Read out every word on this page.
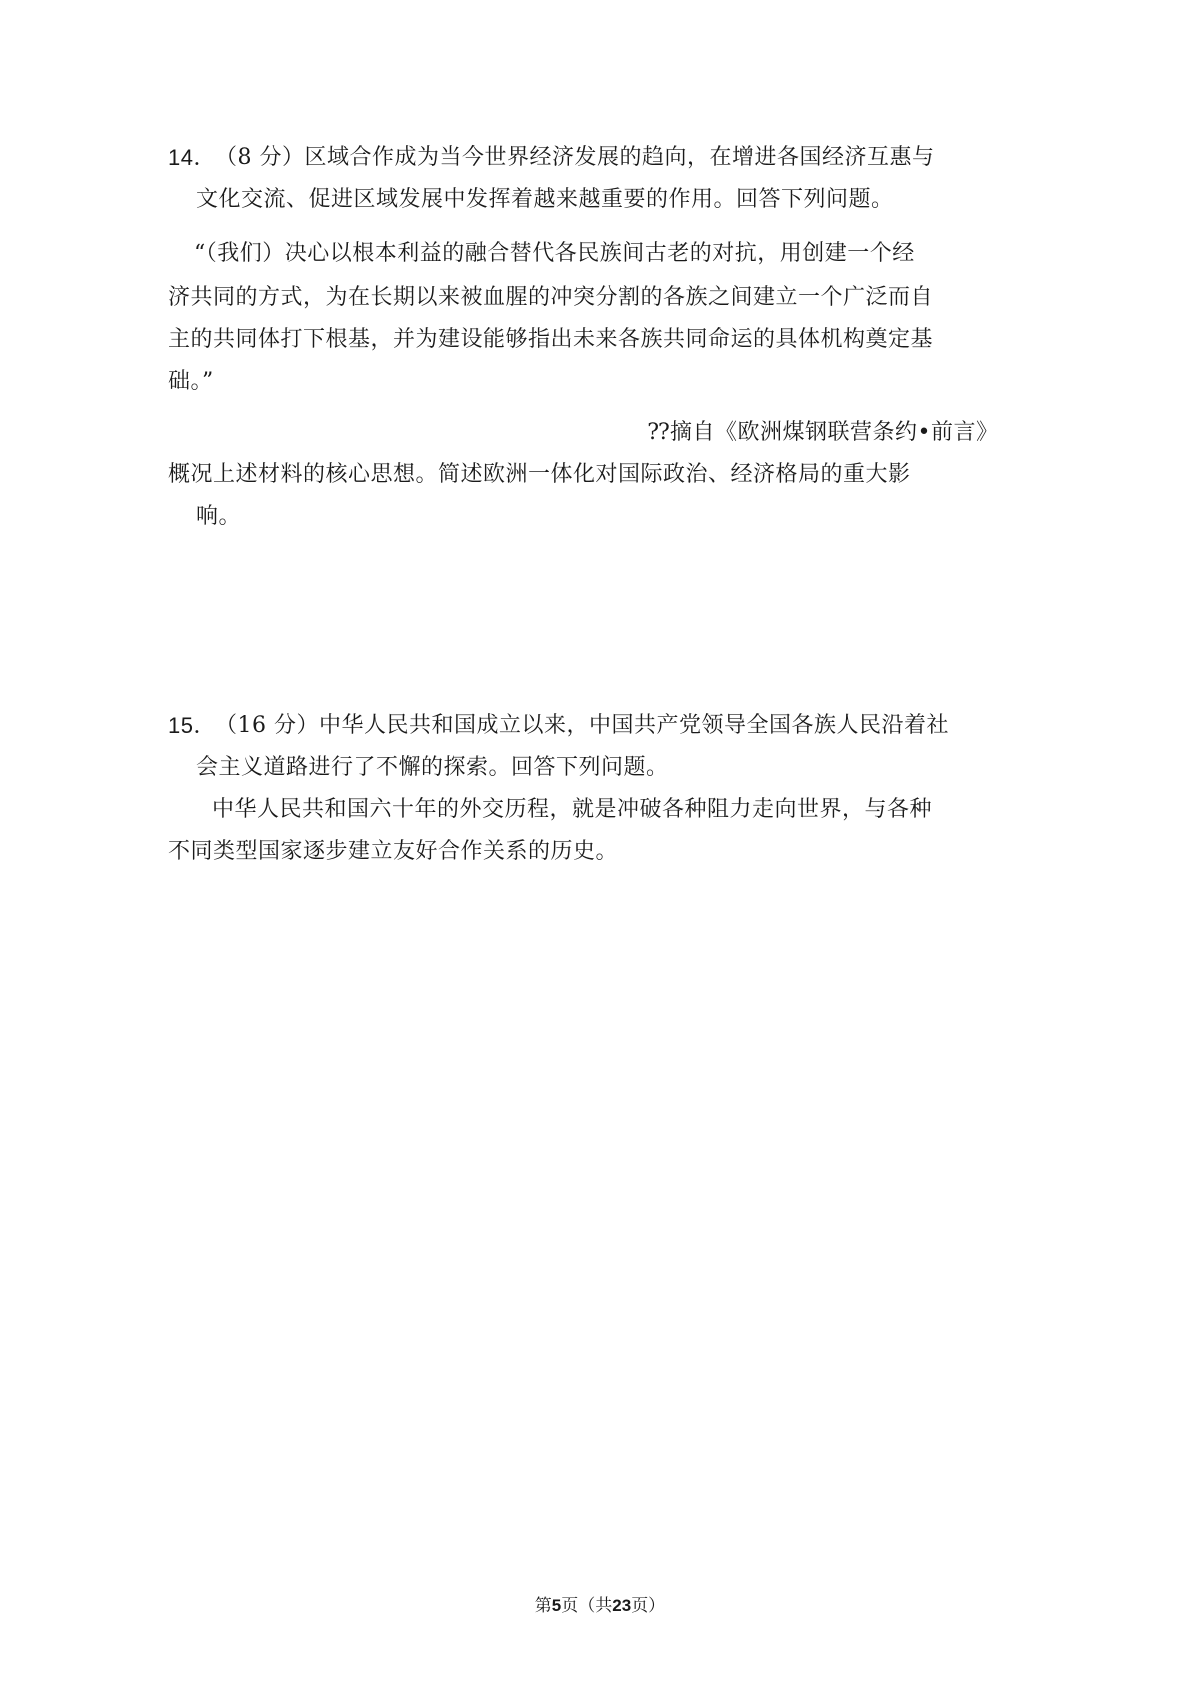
14． （8 分）区域合作成为当今世界经济发展的趋向，在增进各国经济互惠与
文化交流、促进区域发展中发挥着越来越重要的作用。回答下列问题。
“（我们）决心以根本利益的融合替代各民族间古老的对抗，用创建一个经
济共同的方式，为在长期以来被血腥的冲突分割的各族之间建立一个广泛而自
主的共同体打下根基，并为建设能够指出未来各族共同命运的具体机构奠定基
础。”
⁇摘自《欧洲煤钢联营条约•前言》
概况上述材料的核心思想。简述欧洲一体化对国际政治、经济格局的重大影
响。
15． （16 分）中华人民共和国成立以来，中国共产党领导全国各族人民沿着社
会主义道路进行了不懈的探索。回答下列问题。
中华人民共和国六十年的外交历程，就是冲破各种阻力走向世界，与各种
不同类型国家逐步建立友好合作关系的历史。
第5页（共23页）
